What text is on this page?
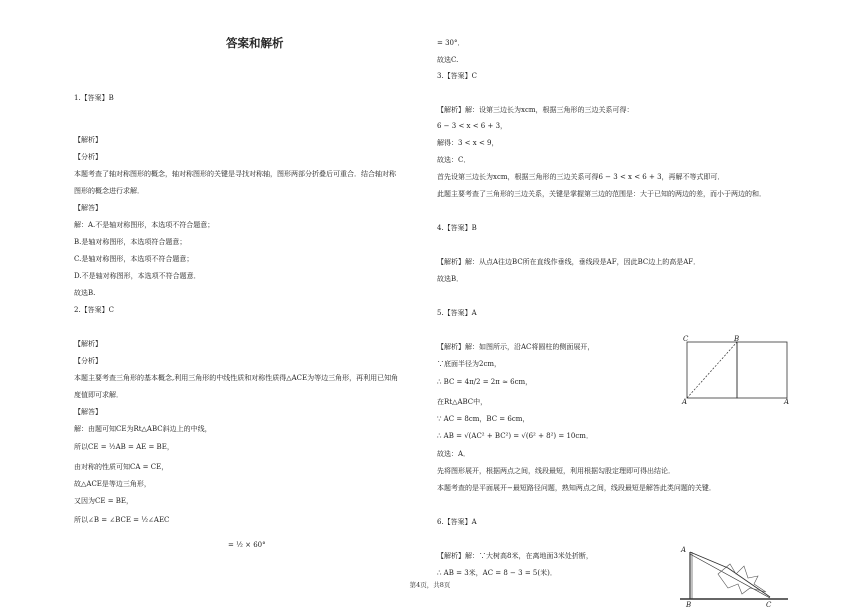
答案和解析
1.【答案】B
【解析】
【分析】
本题考查了轴对称图形的概念，轴对称图形的关键是寻找对称轴，图形两部分折叠后可重合．结合轴对称
图形的概念进行求解．
【解答】
解：A.不是轴对称图形，本选项不符合题意；
B.是轴对称图形，本选项符合题意；
C.是轴对称图形，本选项不符合题意；
D.不是轴对称图形，本选项不符合题意．
故选B.
2.【答案】C
【解析】
【分析】
本题主要考查三角形的基本概念,利用三角形的中线性质和对称性质得△ACE为等边三角形，再利用已知角
度值即可求解．
【解答】
解：由题可知CE为Rt△ABC斜边上的中线，
所以CE = ½AB = AE = BE，
由对称的性质可知CA = CE，
故△ACE是等边三角形，
又因为CE = BE，
所以∠B = ∠BCE = ½∠AEC
= ½ × 60°
= 30°．
故选C.
3.【答案】C
【解析】解：设第三边长为xcm，根据三角形的三边关系可得：
6 − 3 < x < 6 + 3，
解得：3 < x < 9，
故选：C．
首先设第三边长为xcm，根据三角形的三边关系可得6 − 3 < x < 6 + 3，再解不等式即可．
此题主要考查了三角形的三边关系，关键是掌握第三边的范围是：大于已知的两边的差，而小于两边的和．
4.【答案】B
【解析】解：从点A往边BC所在直线作垂线，垂线段是AF，因此BC边上的高是AF．
故选B．
5.【答案】A
【解析】解：如图所示，沿AC将圆柱的侧面展开，
∵底面半径为2cm，
∴ BC = 4π/2 = 2π ≈ 6cm，
在Rt△ABC中，
∵ AC = 8cm，BC = 6cm，
∴ AB = √(AC² + BC²) = √(6² + 8²) = 10cm．
故选：A．
先将图形展开，根据两点之间，线段最短，利用根据勾股定理即可得出结论．
本题考查的是平面展开−最短路径问题，熟知两点之间，线段最短是解答此类问题的关键．
6.【答案】A
【解析】解：∵大树高8米，在离地面3米处折断，
∴ AB = 3米，AC = 8 − 3 = 5(米)．
C	B
A	A
A
B	C
第4页，共8页
